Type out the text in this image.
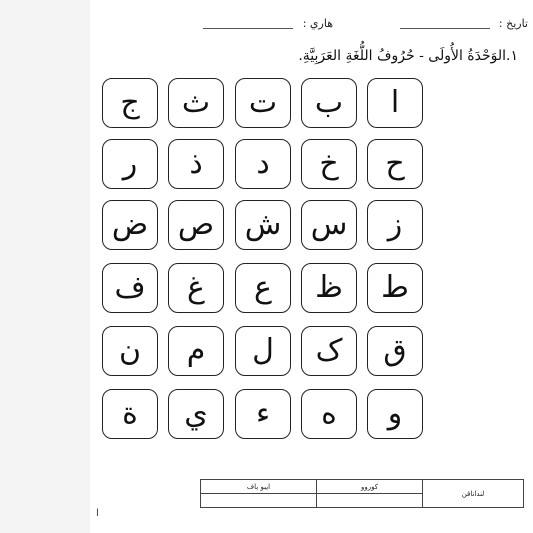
تاريخ :
هاري :
١.الوَحْدَةُ الأُولَى - حُرُوفُ اللُّغَةِ العَرَبِيَّةِ.
ا
ب
ت
ث
ج
ح
خ
د
ذ
ر
ز
س
ش
ص
ض
ط
ظ
ع
غ
ف
ق
ک
ل
م
ن
و
ه
ء
ي
ة
لنداناقن	كوروو	ايبو باف

ا
